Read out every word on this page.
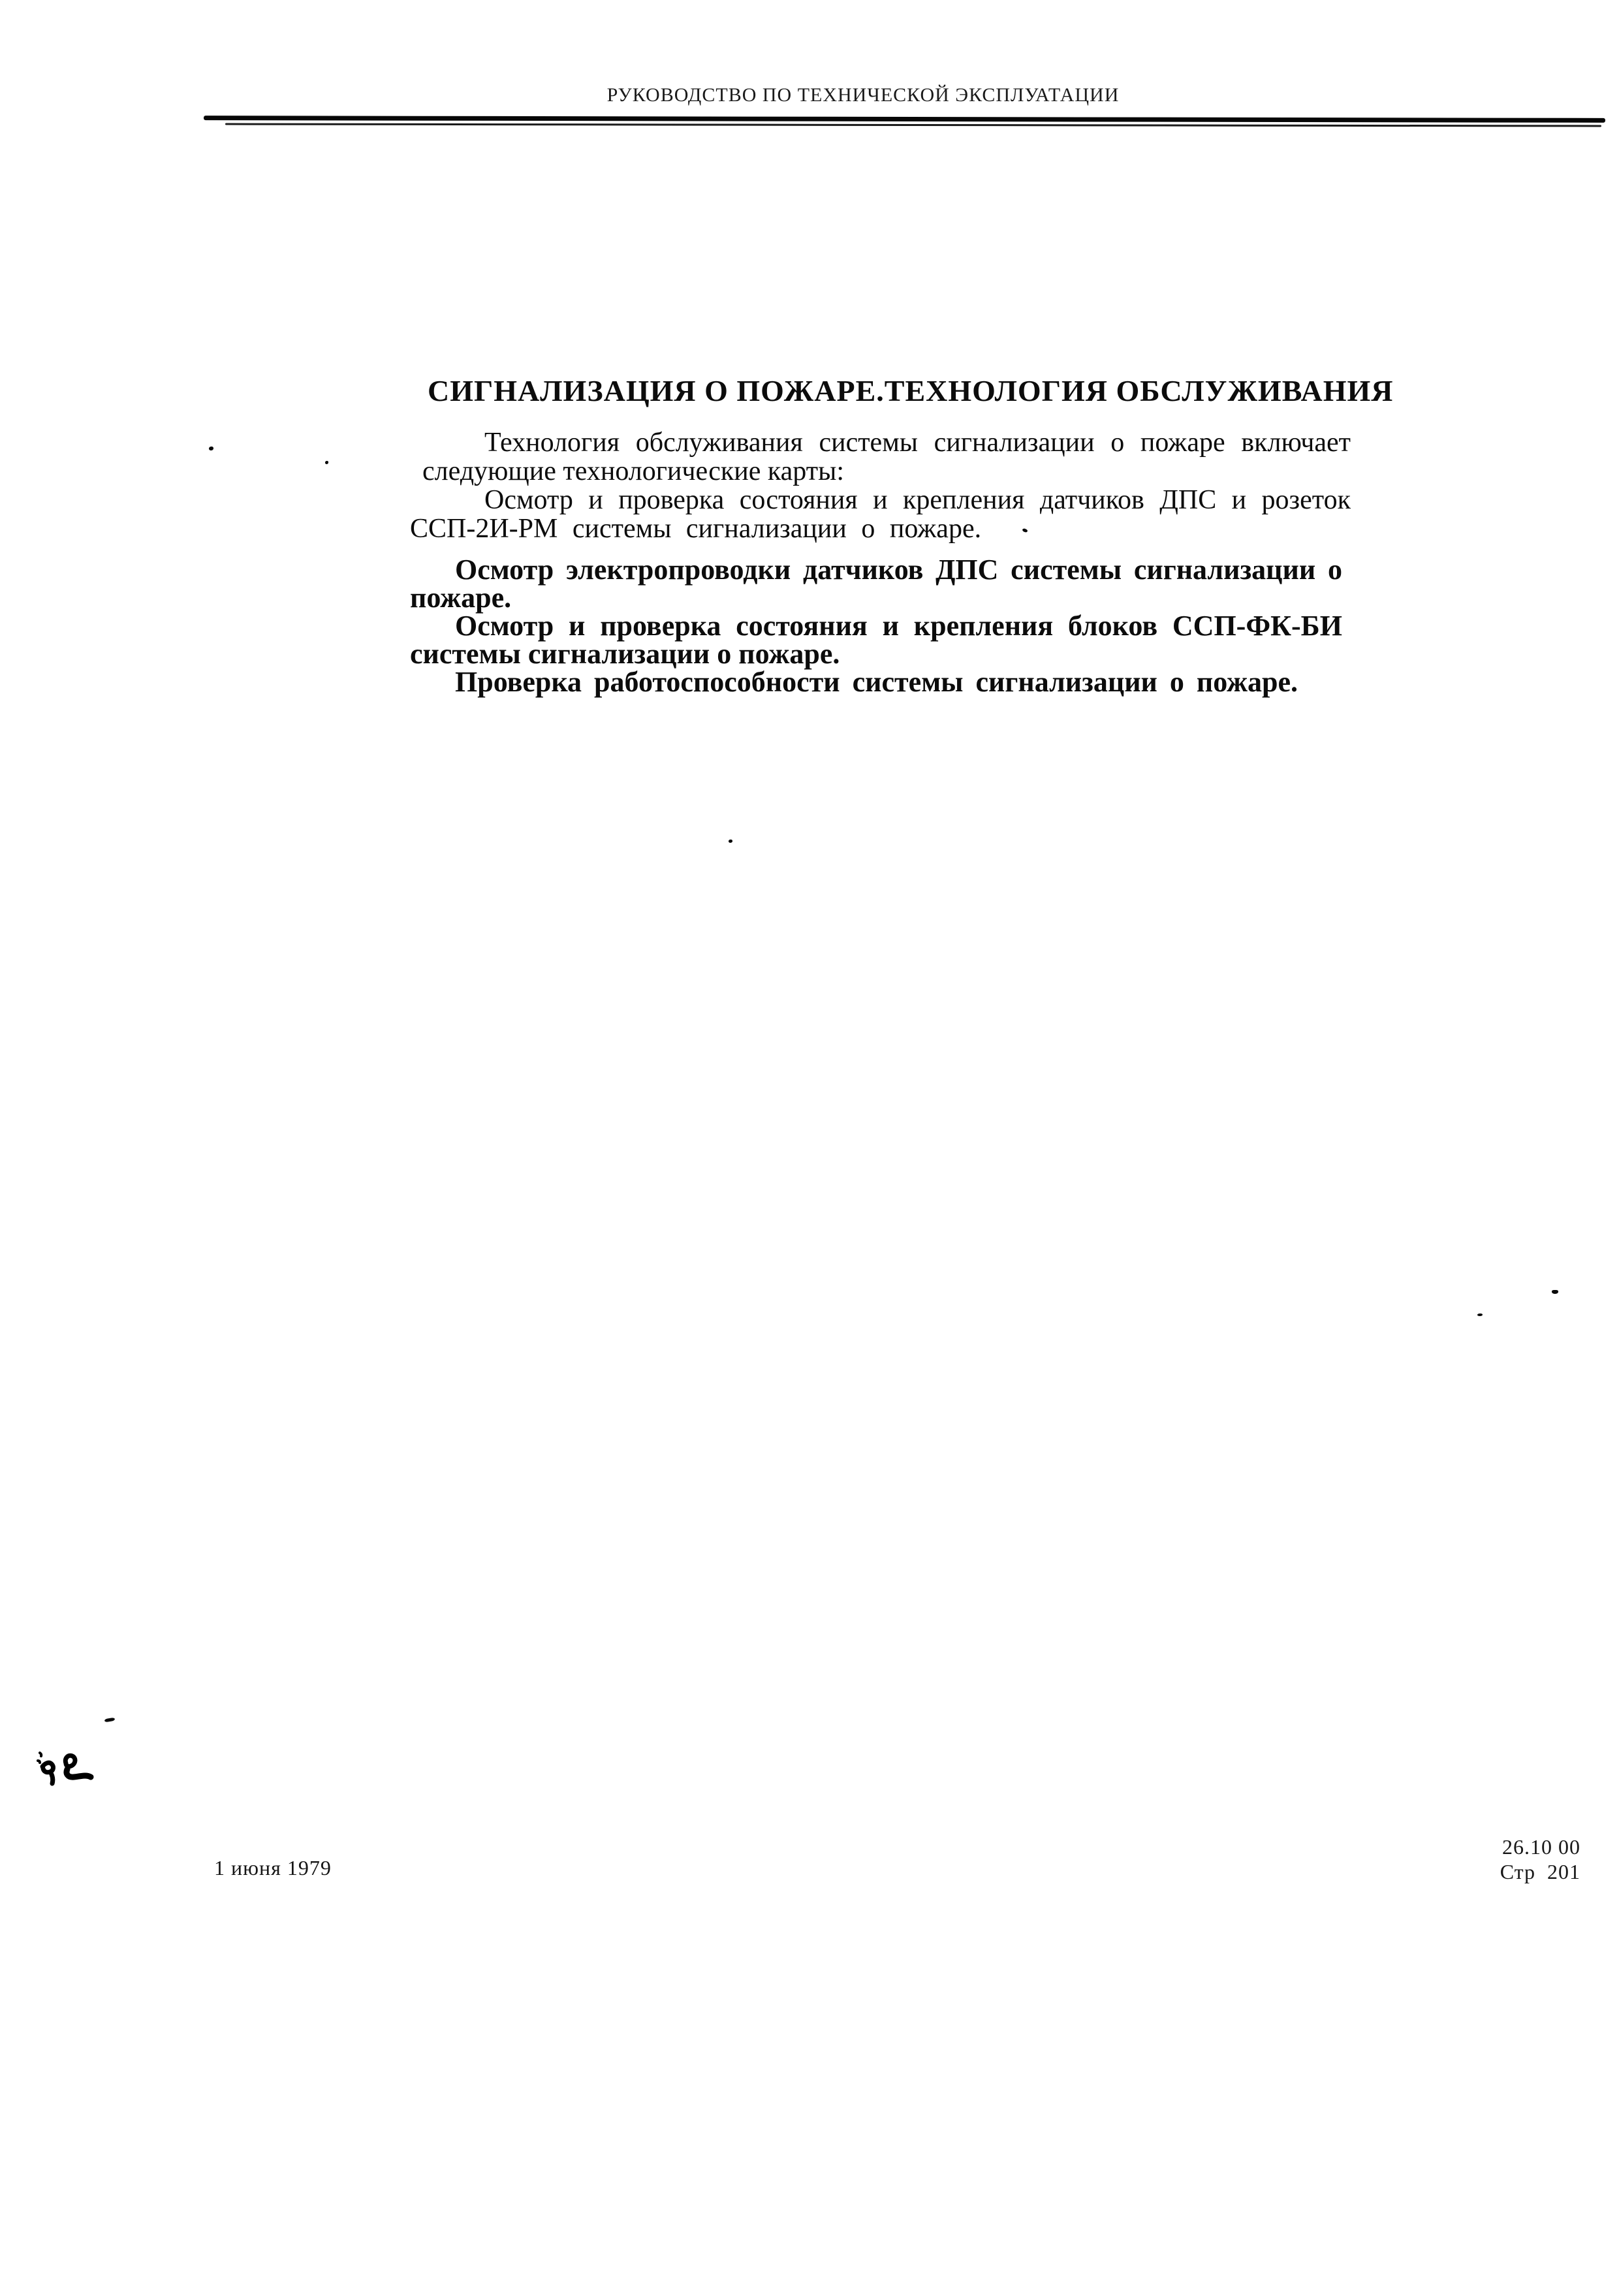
РУКОВОДСТВО ПО ТЕХНИЧЕСКОЙ ЭКСПЛУАТАЦИИ
СИГНАЛИЗАЦИЯ О ПОЖАРЕ. ТЕХНОЛОГИЯ ОБСЛУЖИВАНИЯ
Технология обслуживания системы сигнализации о пожаре включает
следующие технологические карты:
Осмотр и проверка состояния и крепления датчиков ДПС и розеток
ССП-2И-РМ системы сигнализации о пожаре.
Осмотр электропроводки датчиков ДПС системы сигнализации о
пожаре.
Осмотр и проверка состояния и крепления блоков ССП-ФК-БИ
системы сигнализации о пожаре.
Проверка работоспособности системы сигнализации о пожаре.
1 июня 1979
26.10 00
Стр  201
